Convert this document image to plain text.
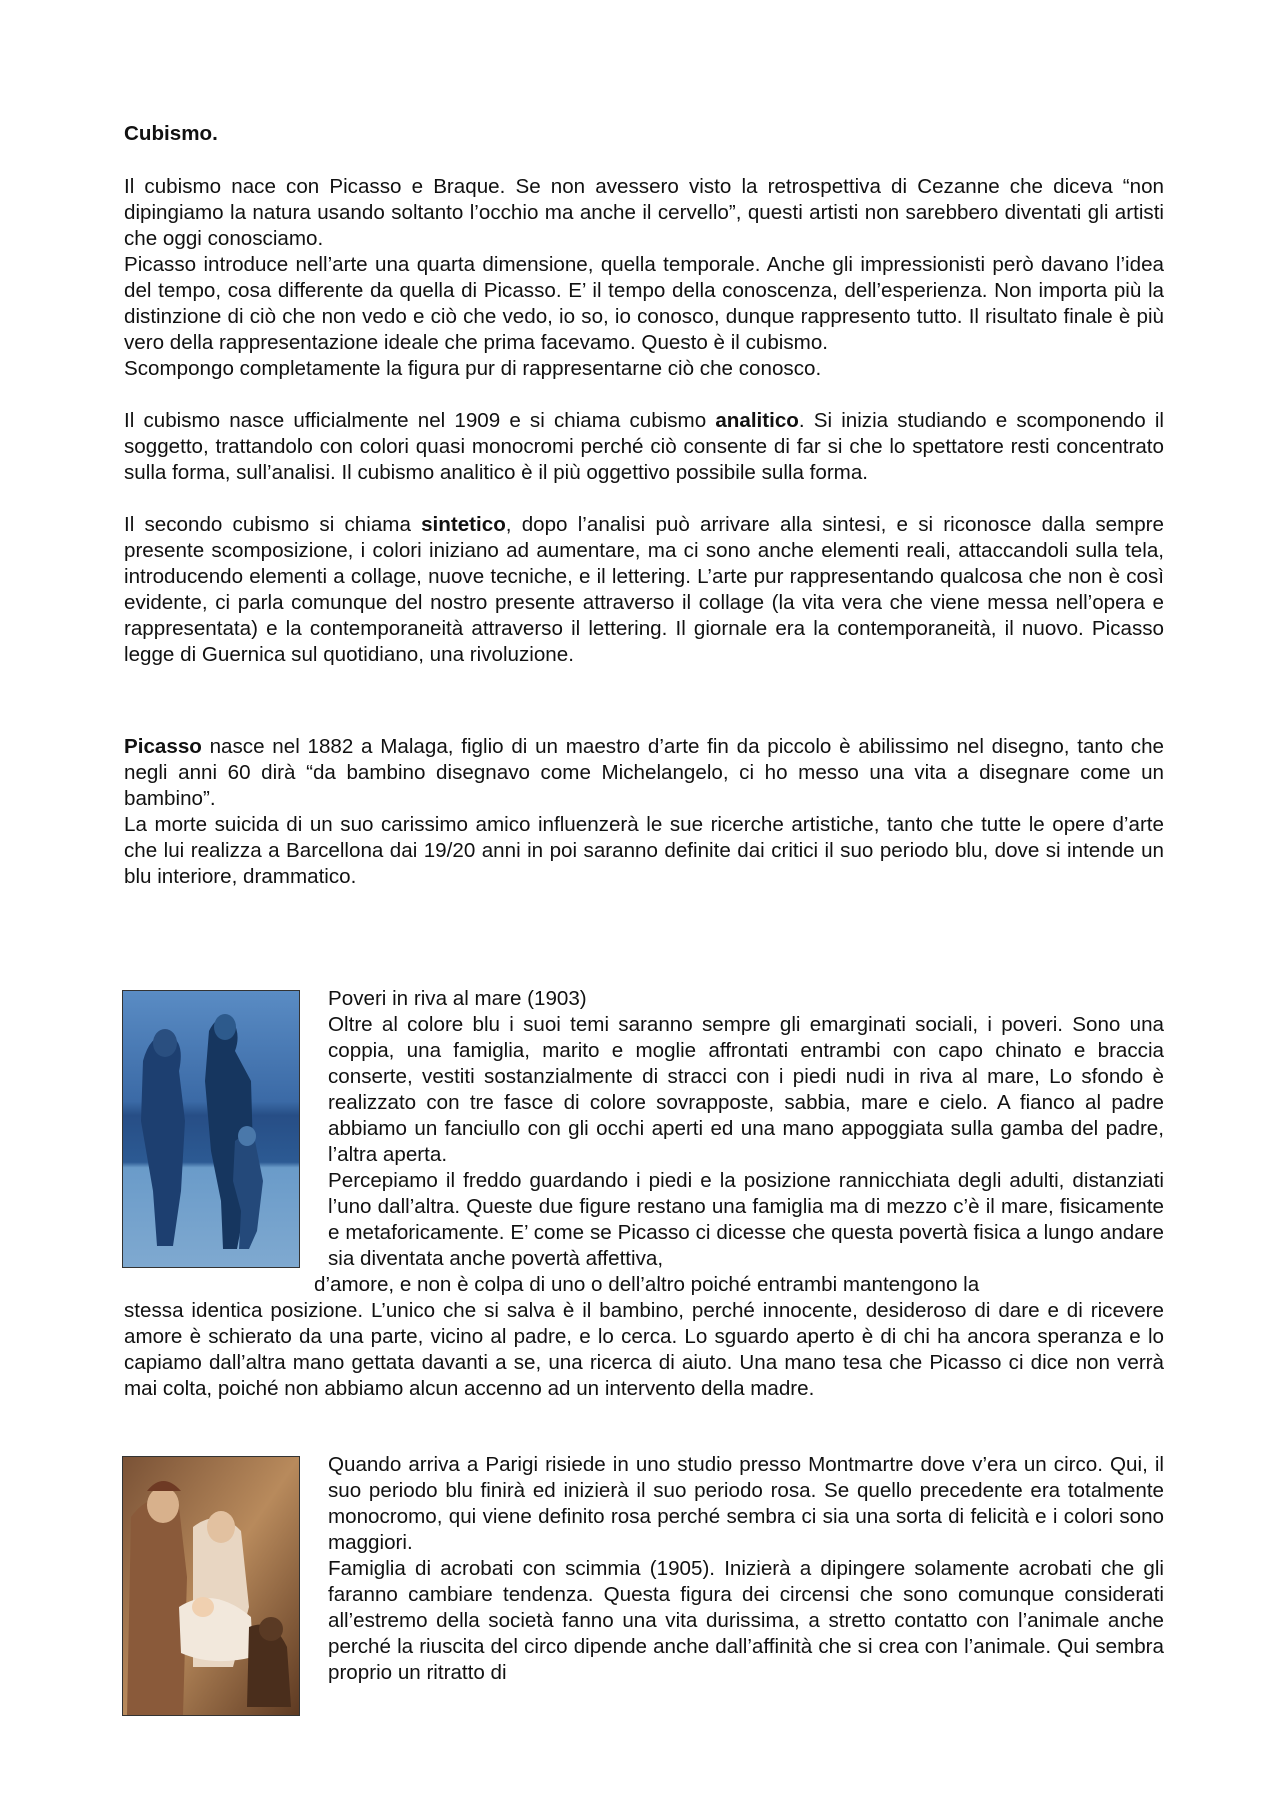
Cubismo.

Il cubismo nace con Picasso e Braque. Se non avessero visto la retrospettiva di Cezanne che diceva “non dipingiamo la natura usando soltanto l’occhio ma anche il cervello”, questi artisti non sarebbero diventati gli artisti che oggi conosciamo.

Picasso introduce nell’arte una quarta dimensione, quella temporale. Anche gli impressionisti però davano l’idea del tempo, cosa differente da quella di Picasso. E’ il tempo della conoscenza, dell’esperienza. Non importa più la distinzione di ciò che non vedo e ciò che vedo, io so, io conosco, dunque rappresento tutto. Il risultato finale è più vero della rappresentazione ideale che prima facevamo. Questo è il cubismo.

Scompongo completamente la figura pur di rappresentarne ciò che conosco.

Il cubismo nasce ufficialmente nel 1909 e si chiama cubismo analitico. Si inizia studiando e scomponendo il soggetto, trattandolo con colori quasi monocromi perché ciò consente di far si che lo spettatore resti concentrato sulla forma, sull’analisi. Il cubismo analitico è il più oggettivo possibile sulla forma.

Il secondo cubismo si chiama sintetico, dopo l’analisi può arrivare alla sintesi, e si riconosce dalla sempre presente scomposizione, i colori iniziano ad aumentare, ma ci sono anche elementi reali, attaccandoli sulla tela, introducendo elementi a collage, nuove tecniche, e il lettering. L’arte pur rappresentando qualcosa che non è così evidente, ci parla comunque del nostro presente attraverso il collage (la vita vera che viene messa nell’opera e rappresentata) e la contemporaneità attraverso il lettering. Il giornale era la contemporaneità, il nuovo. Picasso legge di Guernica sul quotidiano, una rivoluzione.

Picasso nasce nel 1882 a Malaga, figlio di un maestro d’arte fin da piccolo è abilissimo nel disegno, tanto che negli anni 60 dirà “da bambino disegnavo come Michelangelo, ci ho messo una vita a disegnare come un bambino”.

La morte suicida di un suo carissimo amico influenzerà le sue ricerche artistiche, tanto che tutte le opere d’arte che lui realizza a Barcellona dai 19/20 anni in poi saranno definite dai critici il suo periodo blu, dove si intende un blu interiore, drammatico.

Poveri in riva al mare (1903)

Oltre al colore blu i suoi temi saranno sempre gli emarginati sociali, i poveri. Sono una coppia, una famiglia, marito e moglie affrontati entrambi con capo chinato e braccia conserte, vestiti sostanzialmente di stracci con i piedi nudi in riva al mare, Lo sfondo è realizzato con tre fasce di colore sovrapposte, sabbia, mare e cielo. A fianco al padre abbiamo un fanciullo con gli occhi aperti ed una mano appoggiata sulla gamba del padre, l’altra aperta.

Percepiamo il freddo guardando i piedi e la posizione rannicchiata degli adulti, distanziati l’uno dall’altra. Queste due figure restano una famiglia ma di mezzo c’è il mare, fisicamente e metaforicamente. E’ come se Picasso ci dicesse che questa povertà fisica a lungo andare sia diventata anche povertà affettiva,

d’amore, e non è colpa di uno o dell’altro poiché entrambi mantengono la

stessa identica posizione. L’unico che si salva è il bambino, perché innocente, desideroso di dare e di ricevere amore è schierato da una parte, vicino al padre, e lo cerca. Lo sguardo aperto è di chi ha ancora speranza e lo capiamo dall’altra mano gettata davanti a se, una ricerca di aiuto. Una mano tesa che Picasso ci dice non verrà mai colta, poiché non abbiamo alcun accenno ad un intervento della madre.

Quando arriva a Parigi risiede in uno studio presso Montmartre dove v’era un circo. Qui, il suo periodo blu finirà ed inizierà il suo periodo rosa. Se quello precedente era totalmente monocromo, qui viene definito rosa perché sembra ci sia una sorta di felicità e i colori sono maggiori.

Famiglia di acrobati con scimmia (1905). Inizierà a dipingere solamente acrobati che gli faranno cambiare tendenza. Questa figura dei circensi che sono comunque considerati all’estremo della società fanno una vita durissima, a stretto contatto con l’animale anche perché la riuscita del circo dipende anche dall’affinità che si crea con l’animale. Qui sembra proprio un ritratto di
